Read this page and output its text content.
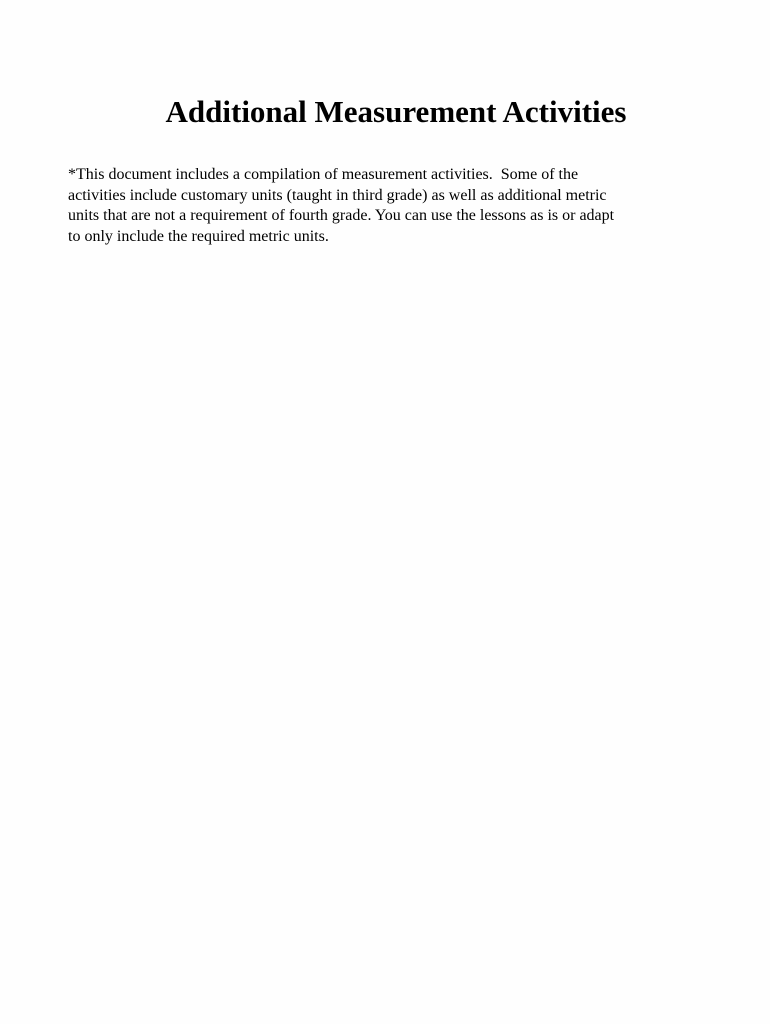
Additional Measurement Activities

*This document includes a compilation of measurement activities.  Some of the
activities include customary units (taught in third grade) as well as additional metric
units that are not a requirement of fourth grade. You can use the lessons as is or adapt
to only include the required metric units.
